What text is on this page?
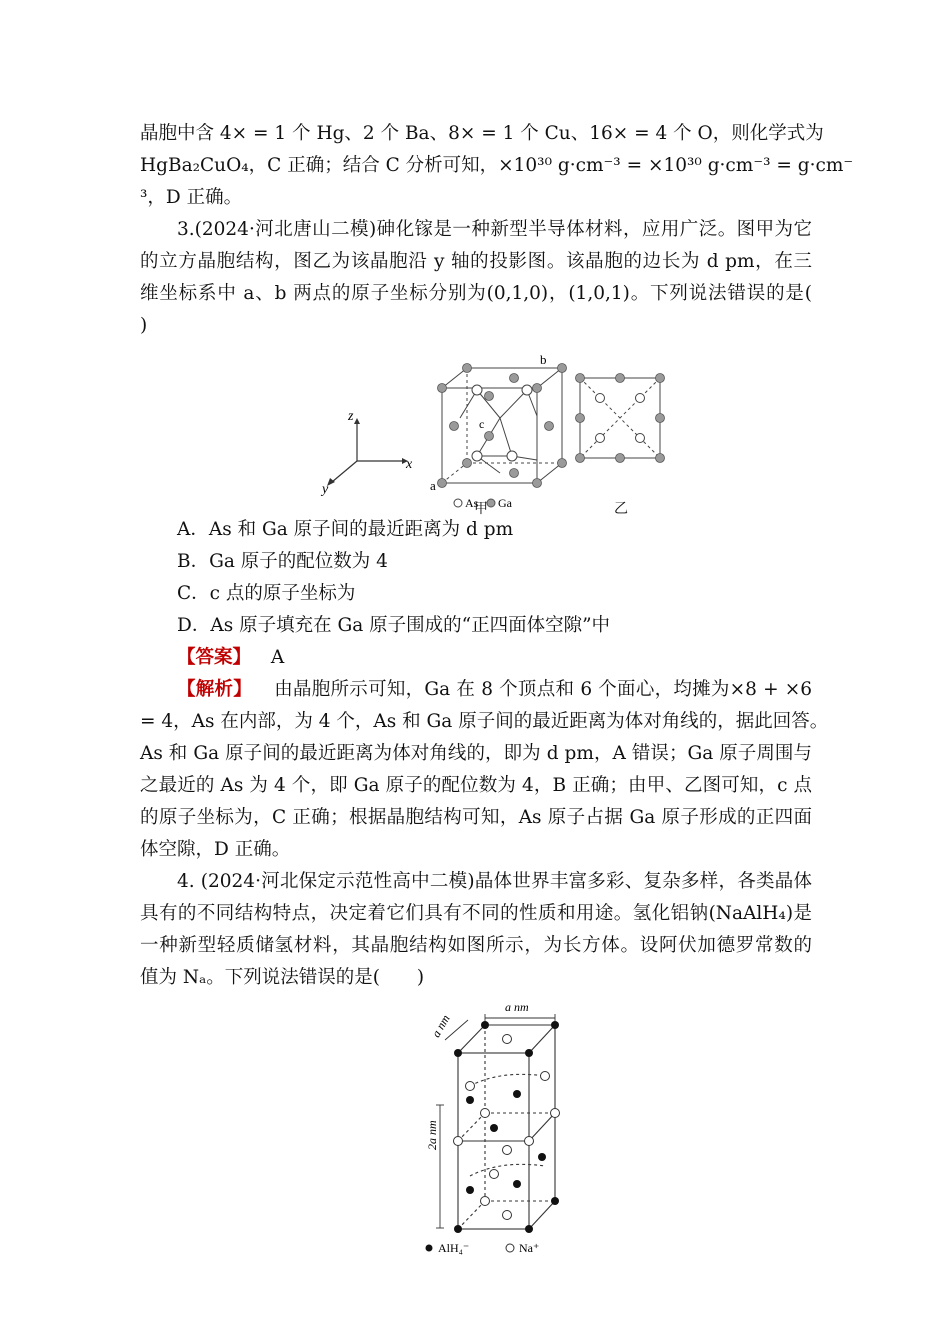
晶胞中含 4× = 1 个 Hg、2 个 Ba、8× = 1 个 Cu、16× = 4 个 O，则化学式为
HgBa₂CuO₄，C 正确；结合 C 分析可知，×10³⁰ g·cm⁻³ = ×10³⁰ g·cm⁻³ = g·cm⁻
³，D 正确。
3.(2024·河北唐山二模)砷化镓是一种新型半导体材料，应用广泛。图甲为它
的立方晶胞结构，图乙为该晶胞沿 y 轴的投影图。该晶胞的边长为 d pm，在三
维坐标系中 a、b 两点的原子坐标分别为(0,1,0)，(1,0,1)。下列说法错误的是(
)
z
x
y
b
a
c
As Ga
甲	乙
A．As 和 Ga 原子间的最近距离为 d pm
B．Ga 原子的配位数为 4
C．c 点的原子坐标为
D．As 原子填充在 Ga 原子围成的“正四面体空隙”中
【答案】 A
【解析】 由晶胞所示可知，Ga 在 8 个顶点和 6 个面心，均摊为×8 + ×6
= 4，As 在内部，为 4 个，As 和 Ga 原子间的最近距离为体对角线的，据此回答。
As 和 Ga 原子间的最近距离为体对角线的，即为 d pm，A 错误；Ga 原子周围与
之最近的 As 为 4 个，即 Ga 原子的配位数为 4，B 正确；由甲、乙图可知，c 点
的原子坐标为，C 正确；根据晶胞结构可知，As 原子占据 Ga 原子形成的正四面
体空隙，D 正确。
4. (2024·河北保定示范性高中二模)晶体世界丰富多彩、复杂多样，各类晶体
具有的不同结构特点，决定着它们具有不同的性质和用途。氢化铝钠(NaAlH₄)是
一种新型轻质储氢材料，其晶胞结构如图所示，为长方体。设阿伏加德罗常数的
值为 Nₐ。下列说法错误的是(　　)
a nm
a nm
2a nm
AlH₄⁻	Na⁺
